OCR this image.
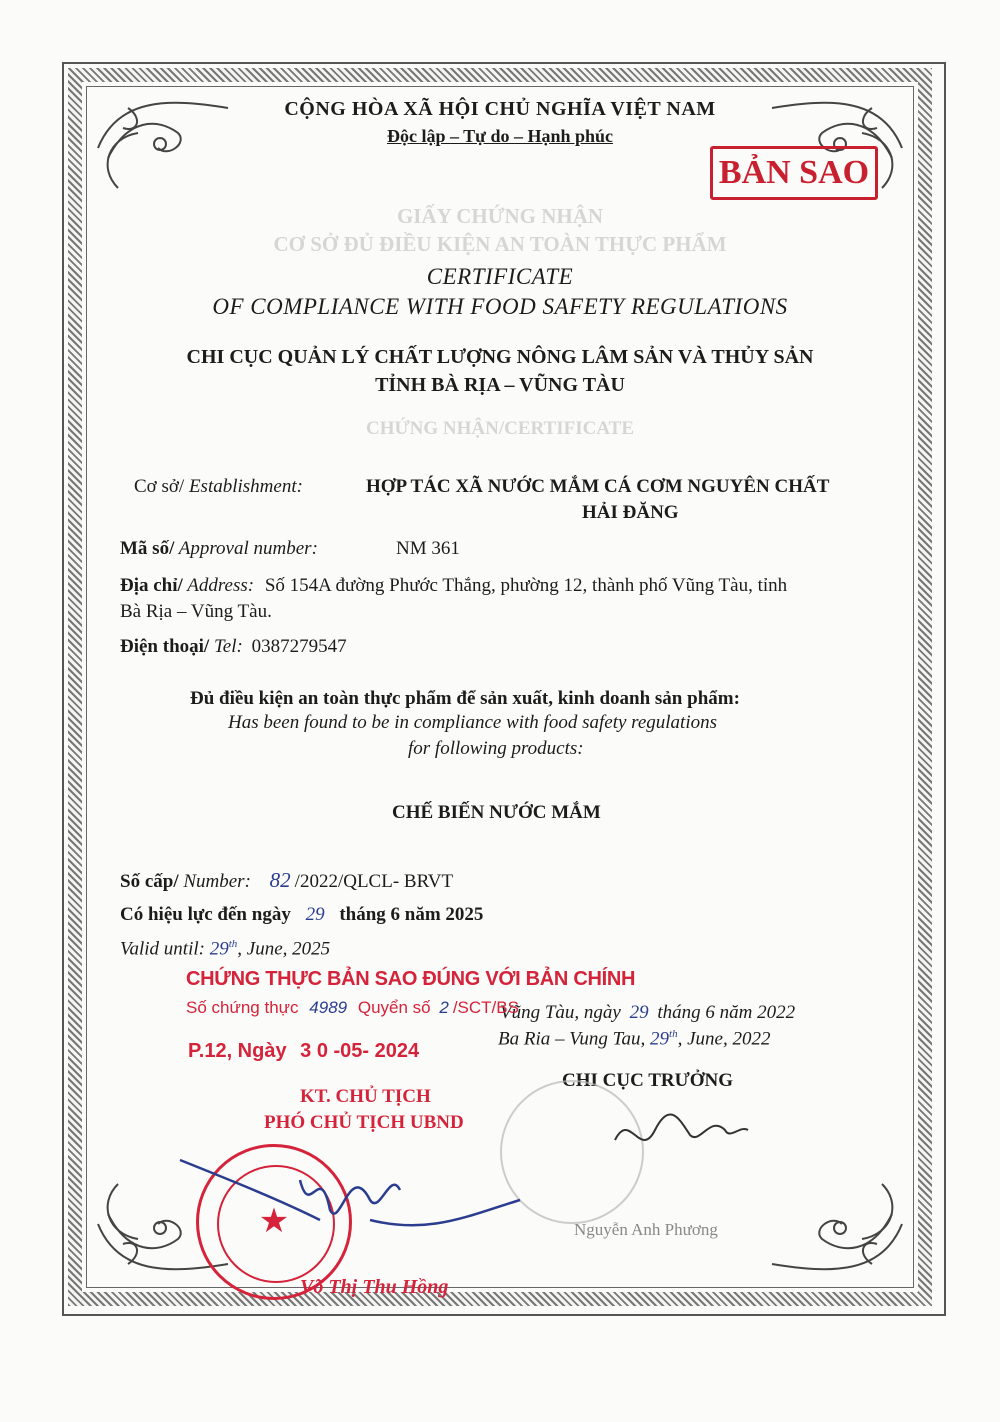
CỘNG HÒA XÃ HỘI CHỦ NGHĨA VIỆT NAM
Độc lập – Tự do – Hạnh phúc
BẢN SAO
GIẤY CHỨNG NHẬN
CƠ SỞ ĐỦ ĐIỀU KIỆN AN TOÀN THỰC PHẨM
CERTIFICATE
OF COMPLIANCE WITH FOOD SAFETY REGULATIONS
CHI CỤC QUẢN LÝ CHẤT LƯỢNG NÔNG LÂM SẢN VÀ THỦY SẢN
TỈNH BÀ RỊA – VŨNG TÀU
CHỨNG NHẬN/CERTIFICATE
Cơ sở/ Establishment:	HỢP TÁC XÃ NƯỚC MẮM CÁ CƠM NGUYÊN CHẤT
HẢI ĐĂNG
Mã số/ Approval number:	NM 361
Địa chỉ/ Address: Số 154A đường Phước Thắng, phường 12, thành phố Vũng Tàu, tỉnh
Bà Rịa – Vũng Tàu.
Điện thoại/ Tel: 0387279547
Đủ điều kiện an toàn thực phẩm để sản xuất, kinh doanh sản phẩm:
Has been found to be in compliance with food safety regulations
for following products:
CHẾ BIẾN NƯỚC MẮM
Số cấp/ Number: 82 /2022/QLCL- BRVT
Có hiệu lực đến ngày 29 tháng 6 năm 2025
Valid until: 29th, June, 2025
Vũng Tàu, ngày 29 tháng 6 năm 2022
Ba Ria – Vung Tau, 29th, June, 2022
CHI CỤC TRƯỞNG
Nguyễn Anh Phương
CHỨNG THỰC BẢN SAO ĐÚNG VỚI BẢN CHÍNH
Số chứng thực 4989 Quyển số 2 /SCT/BS
P.12, Ngày 3 0 -05- 2024
KT. CHỦ TỊCH
PHÓ CHỦ TỊCH UBND
★
Võ Thị Thu Hồng
